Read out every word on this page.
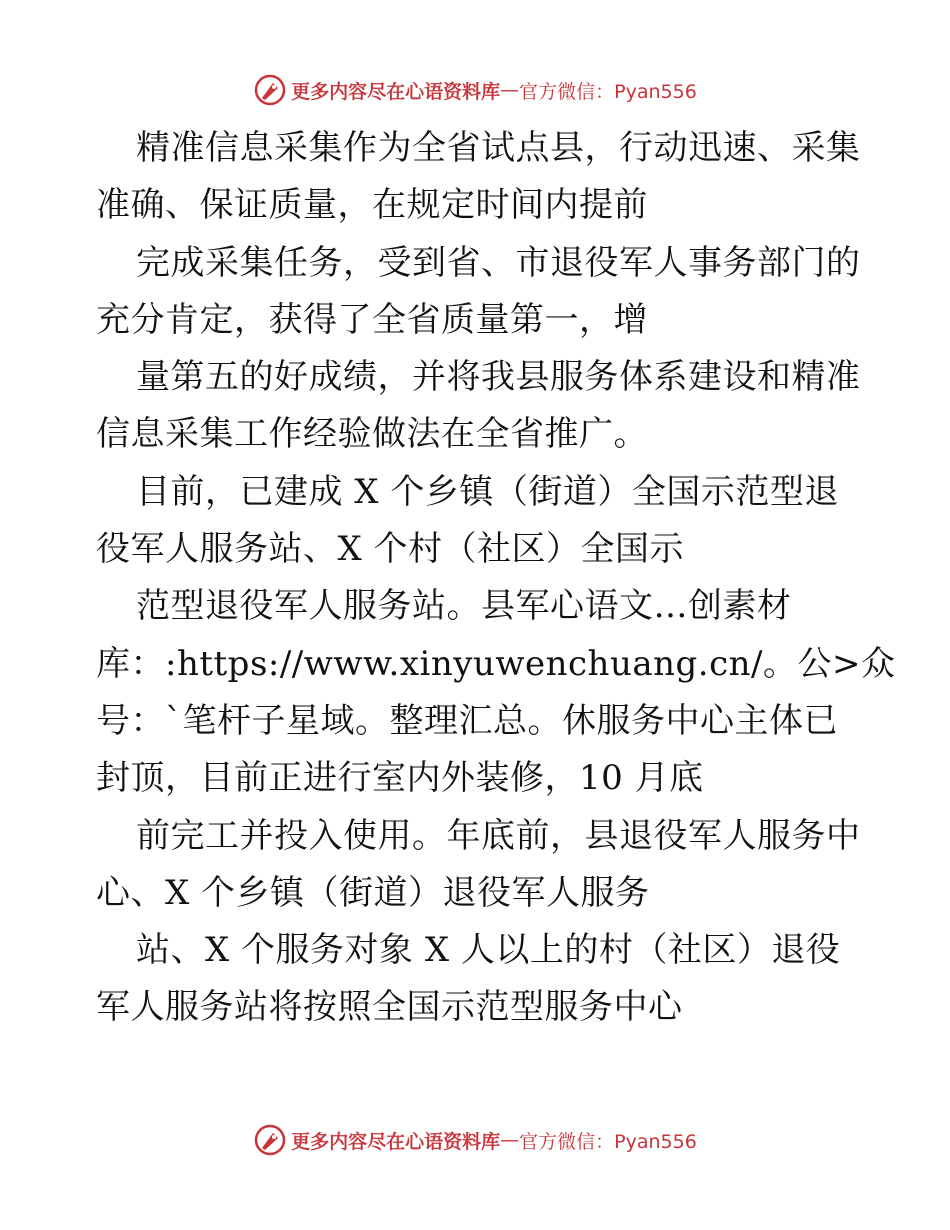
更多内容尽在心语资料库 — 官方微信：Pyan556
精准信息采集作为全省试点县，行动迅速、采集
准确、保证质量，在规定时间内提前
完成采集任务，受到省、市退役军人事务部门的
充分肯定，获得了全省质量第一，增
量第五的好成绩，并将我县服务体系建设和精准
信息采集工作经验做法在全省推广。
目前，已建成 X 个乡镇（街道）全国示范型退
役军人服务站、X 个村（社区）全国示
范型退役军人服务站。县军心语文…创素材
库：:https://www.xinyuwenchuang.cn/。公>众
号：`笔杆子星域。整理汇总。休服务中心主体已
封顶，目前正进行室内外装修，10 月底
前完工并投入使用。年底前，县退役军人服务中
心、X 个乡镇（街道）退役军人服务
站、X 个服务对象 X 人以上的村（社区）退役
军人服务站将按照全国示范型服务中心
更多内容尽在心语资料库 — 官方微信：Pyan556
